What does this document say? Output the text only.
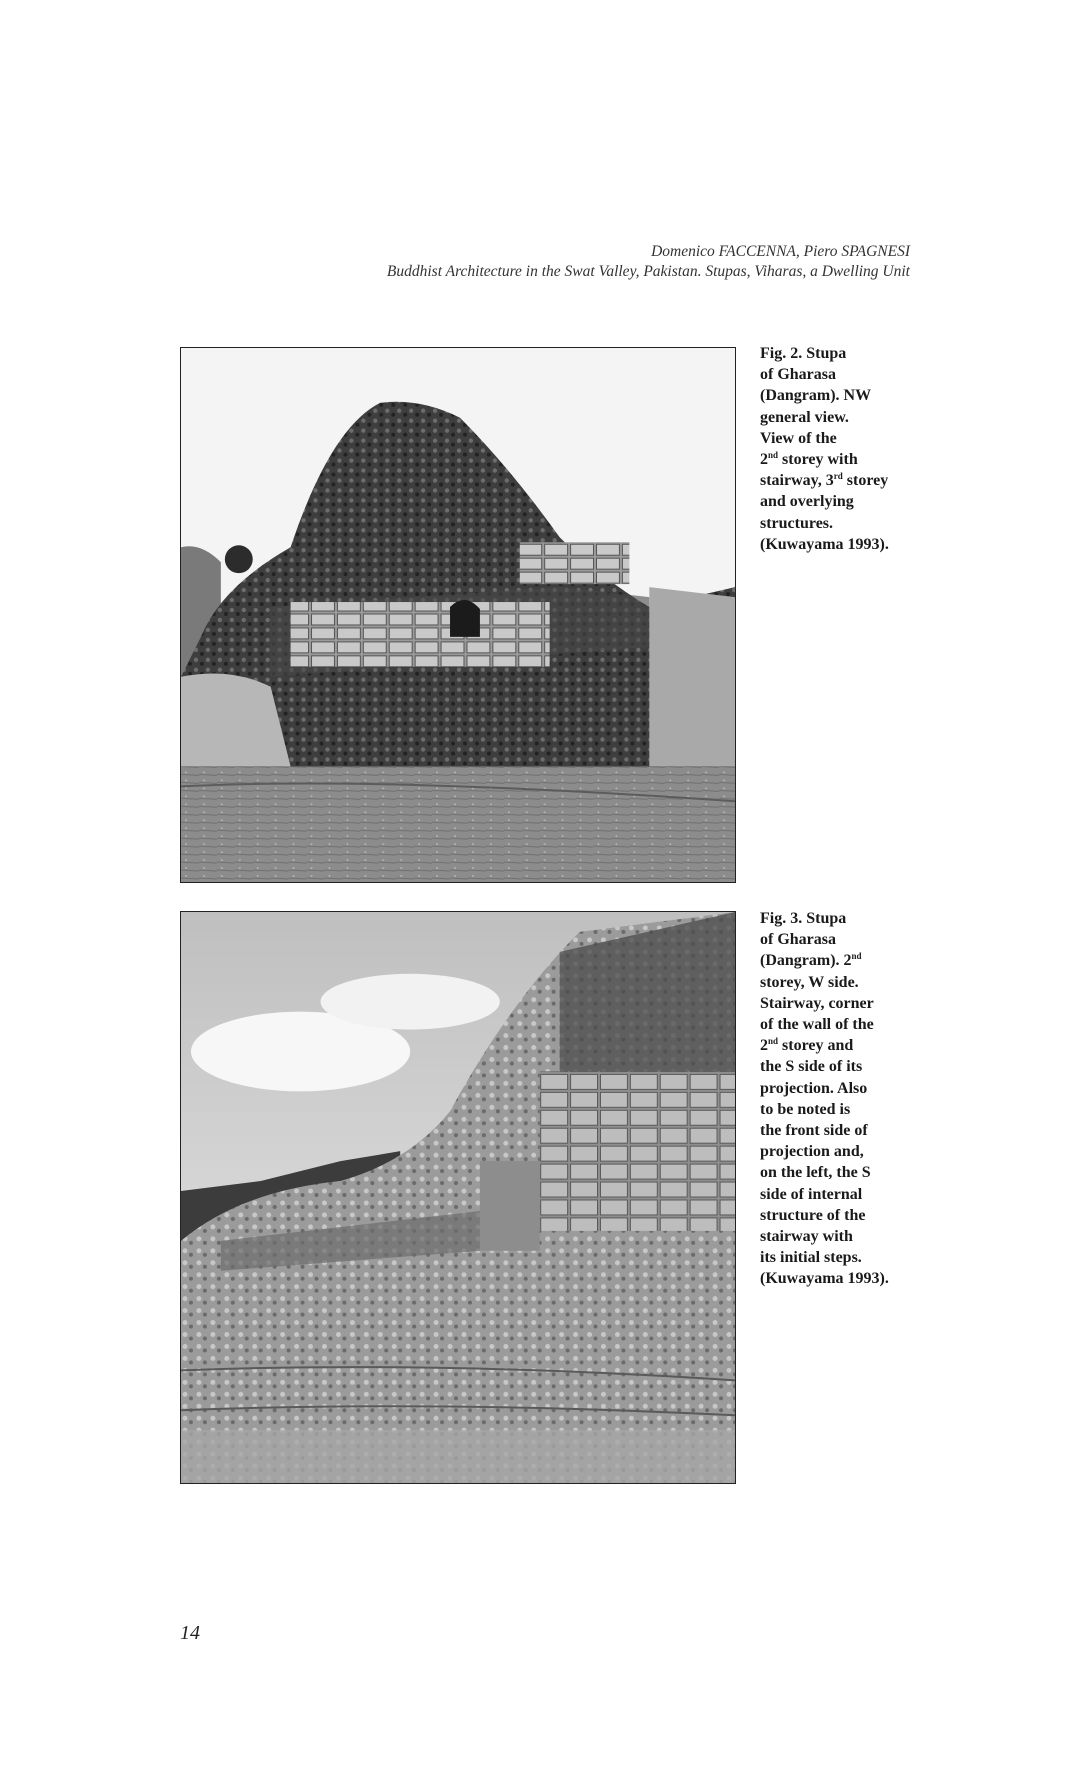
Domenico FACCENNA, Piero SPAGNESI
Buddhist Architecture in the Swat Valley, Pakistan. Stupas, Viharas, a Dwelling Unit
Fig. 2. Stupa
of Gharasa
(Dangram). NW
general view.
View of the
2nd storey with
stairway, 3rd storey
and overlying
structures.
(Kuwayama 1993).
Fig. 3. Stupa
of Gharasa
(Dangram). 2nd
storey, W side.
Stairway, corner
of the wall of the
2nd storey and
the S side of its
projection. Also
to be noted is
the front side of
projection and,
on the left, the S
side of internal
structure of the
stairway with
its initial steps.
(Kuwayama 1993).
14
